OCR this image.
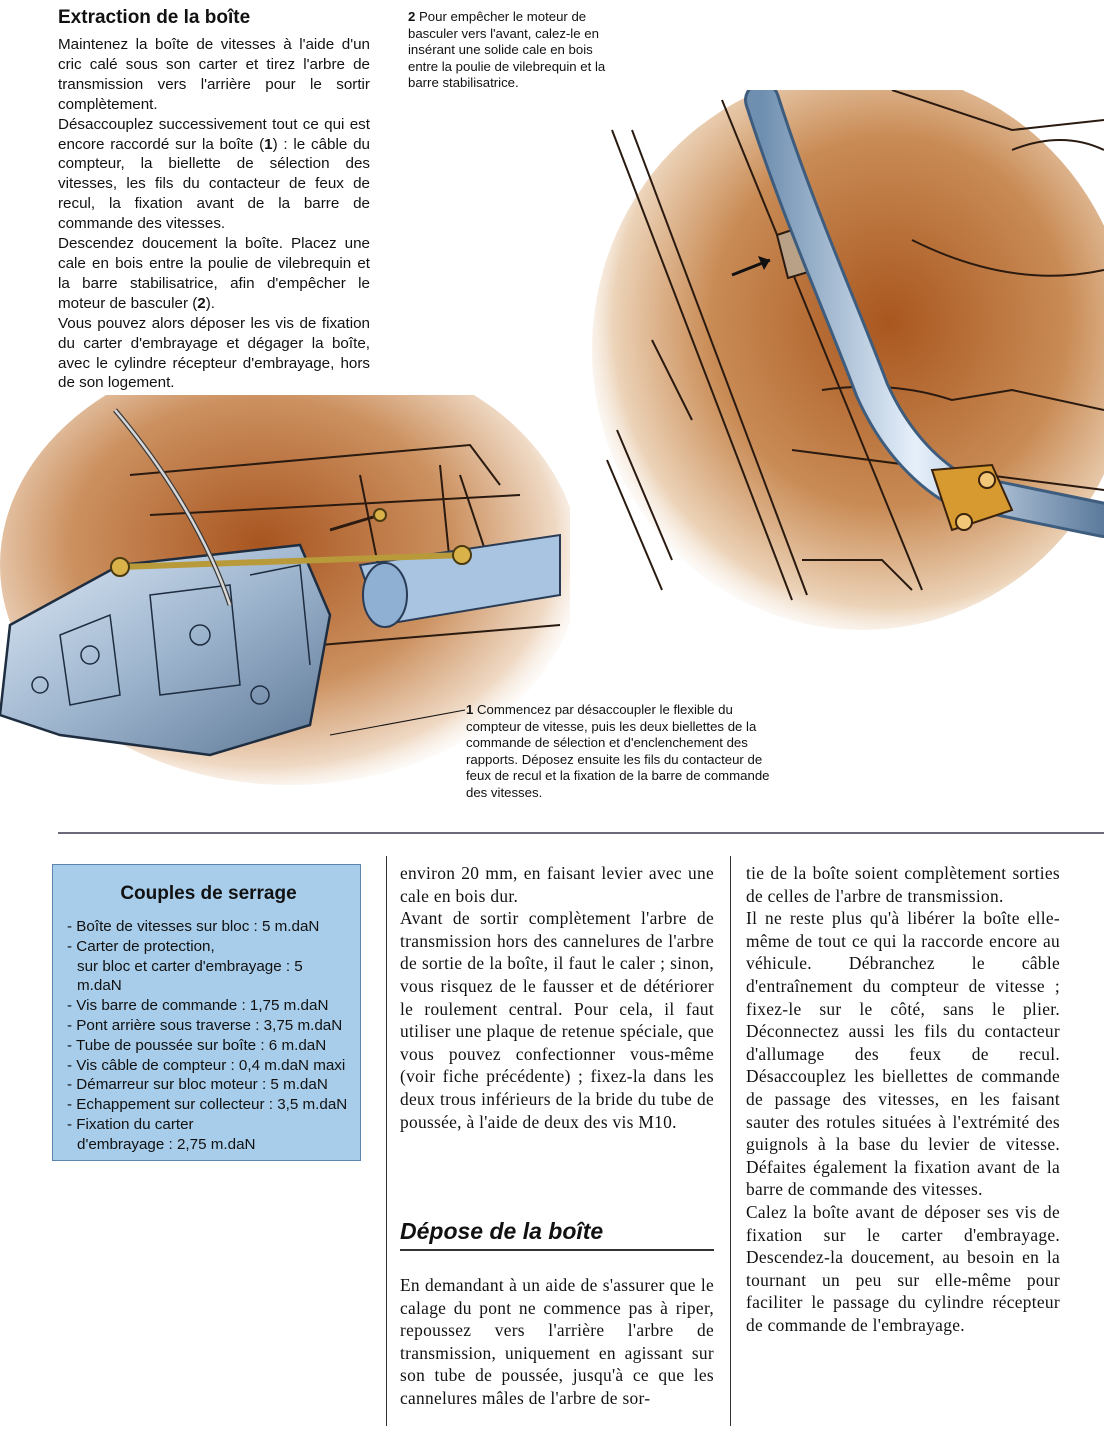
Extraction de la boîte

Maintenez la boîte de vitesses à l'aide d'un cric calé sous son carter et tirez l'arbre de transmission vers l'arrière pour le sortir complètement.

Désaccouplez successivement tout ce qui est encore raccordé sur la boîte (1) : le câble du compteur, la biellette de sélection des vitesses, les fils du contacteur de feux de recul, la fixation avant de la barre de commande des vitesses.

Descendez doucement la boîte. Placez une cale en bois entre la poulie de vilebrequin et la barre stabilisatrice, afin d'empêcher le moteur de basculer (2).

Vous pouvez alors déposer les vis de fixation du carter d'embrayage et dégager la boîte, avec le cylindre récepteur d'embrayage, hors de son logement.

2 Pour empêcher le moteur de basculer vers l'avant, calez-le en insérant une solide cale en bois entre la poulie de vilebrequin et la barre stabilisatrice.

1 Commencez par désaccoupler le flexible du compteur de vitesse, puis les deux biellettes de la commande de sélection et d'enclenchement des rapports. Déposez ensuite les fils du contacteur de feux de recul et la fixation de la barre de commande des vitesses.

Couples de serrage
- Boîte de vitesses sur bloc : 5 m.daN
- Carter de protection,
sur bloc et carter d'embrayage : 5 m.daN
- Vis barre de commande : 1,75 m.daN
- Pont arrière sous traverse : 3,75 m.daN
- Tube de poussée sur boîte : 6 m.daN
- Vis câble de compteur : 0,4 m.daN maxi
- Démarreur sur bloc moteur : 5 m.daN
- Echappement sur collecteur : 3,5 m.daN
- Fixation du carter
d'embrayage : 2,75 m.daN

environ 20 mm, en faisant levier avec une cale en bois dur.

Avant de sortir complètement l'arbre de transmission hors des cannelures de l'arbre de sortie de la boîte, il faut le caler ; sinon, vous risquez de le fausser et de détériorer le roulement central. Pour cela, il faut utiliser une plaque de retenue spéciale, que vous pouvez confectionner vous-même (voir fiche précédente) ; fixez-la dans les deux trous inférieurs de la bride du tube de poussée, à l'aide de deux des vis M10.

Dépose de la boîte

En demandant à un aide de s'assurer que le calage du pont ne commence pas à riper, repoussez vers l'arrière l'arbre de transmission, uniquement en agissant sur son tube de poussée, jusqu'à ce que les cannelures mâles de l'arbre de sor-

tie de la boîte soient complètement sorties de celles de l'arbre de transmission.

Il ne reste plus qu'à libérer la boîte elle-même de tout ce qui la raccorde encore au véhicule. Débranchez le câble d'entraînement du compteur de vitesse ; fixez-le sur le côté, sans le plier. Déconnectez aussi les fils du contacteur d'allumage des feux de recul. Désaccouplez les biellettes de commande de passage des vitesses, en les faisant sauter des rotules situées à l'extrémité des guignols à la base du levier de vitesse. Défaites également la fixation avant de la barre de commande des vitesses.

Calez la boîte avant de déposer ses vis de fixation sur le carter d'embrayage. Descendez-la doucement, au besoin en la tournant un peu sur elle-même pour faciliter le passage du cylindre récepteur de commande de l'embrayage.
